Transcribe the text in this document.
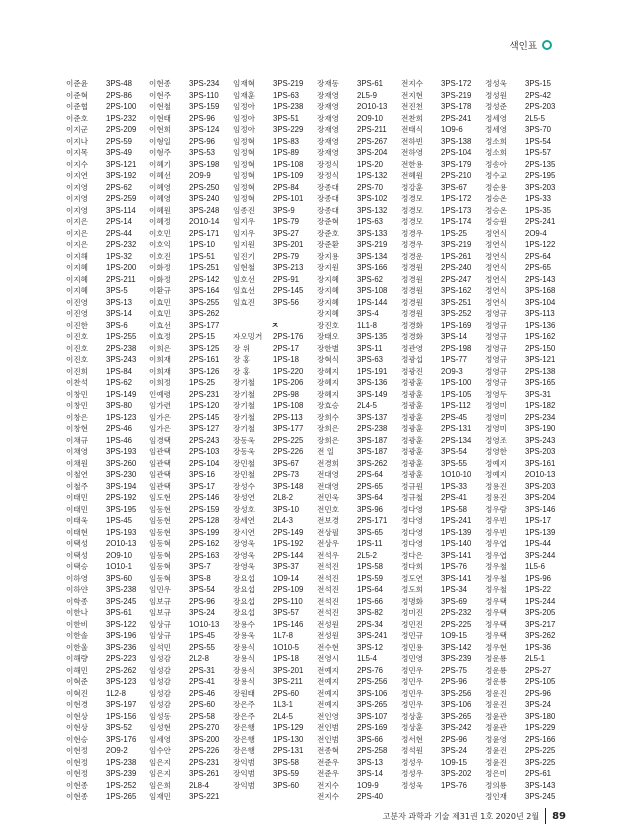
색인표
이준윤 3PS-48
이준혁 2PS-86
이준협 2PS-100
이준호 1PS-232
이지군 2PS-209
이지나 2PS-59
이지목 3PS-49
이지수 3PS-121
이지연 3PS-192
이지영 2PS-62
이지영 2PS-259
이지영 3PS-114
이지은 2PS-14
이지은 2PS-44
이지은 2PS-232
이지해 1PS-32
이지혜 1PS-200
이지혜 2PS-211
이지혜 3PS-5
이진영 3PS-13
이진영 3PS-14
이진한 3PS-6
이진호 1PS-255
이진호 2PS-238
이진호 3PS-243
이진희 1PS-84
이찬석 1PS-62
이창민 1PS-149
이창민 3PS-80
이창은 1PS-123
이창현 2PS-46
이채규 1PS-46
이채영 3PS-193
이채원 3PS-260
이철연 3PS-230
이철주 3PS-194
이태민 2PS-192
이태민 3PS-195
이태욱 1PS-45
이태현 1PS-193
이택성 2O10-13
이택성 2O9-10
이택승 1O10-1
이하영 3PS-60
이하얀 3PS-238
이학종 3PS-245
이한나 3PS-61
이한비 3PS-122
이한솔 3PS-196
이한울 3PS-236
이해량 2PS-223
이해민 2PS-262
이혁준 3PS-123
이혁진 1L2-8
이현경 3PS-197
이현상 1PS-156
이현상 3PS-52
이현승 3PS-176
이현정 2O9-2
이현정 1PS-238
이현정 3PS-239
이현종 1PS-252
이현종 1PS-265
이현종 3PS-234
이현주 3PS-110
이현철 3PS-159
이현태 2PS-96
이현희 3PS-124
이형일 2PS-96
이형주 3PS-53
이혜기 3PS-198
이혜선 2O9-9
이혜영 2PS-250
이혜영 3PS-240
이혜원 3PS-248
이혜정 2O10-14
이호민 2PS-171
이호익 1PS-10
이호진 1PS-51
이화정 1PS-251
이화정 2PS-142
이환규 3PS-164
이효민 3PS-255
이효민 3PS-262
이효선 3PS-177
이효정 2PS-15
이희은 3PS-125
이희재 2PS-161
이희재 3PS-126
이희정 1PS-25
인예령 2PS-231
임가련 1PS-120
임가은 2PS-145
임가은 3PS-127
임경택 2PS-243
임관택 2PS-103
임관택 2PS-104
임관택 3PS-16
임관택 3PS-17
임도현 2PS-146
임동현 2PS-159
임동현 2PS-128
임동현 3PS-199
임동혁 2PS-162
임동혁 2PS-163
임동혁 3PS-7
임동혁 3PS-8
임민우 3PS-54
임보규 2PS-96
임보규 3PS-24
임상규 1O10-13
임상규 1PS-45
임석민 2PS-55
임성감 2L2-8
임성감 2PS-31
임성감 2PS-41
임성감 2PS-46
임성감 2PS-60
임성동 2PS-58
임성현 2PS-270
임세영 3PS-200
임수안 2PS-226
임은지 2PS-231
임은지 3PS-261
임은희 2L8-4
임재민 3PS-221
임재혁 3PS-219
임재훈 1PS-63
임정아 1PS-238
임정아 3PS-51
임정아 3PS-229
임정혁 1PS-83
임정혁 1PS-89
임정혁 1PS-108
임정혁 1PS-109
임정혁 2PS-84
임정혁 2PS-101
임종진 3PS-9
임지우 1PS-79
임지우 3PS-27
임지원 3PS-201
임진기 2PS-79
임현철 3PS-213
임호선 2PS-91
임효선 2PS-145
임효진 3PS-56
ㅈ
자오밍거 2PS-176
장 위	2PS-17
장 홍	1PS-18
장 홍	1PS-220
장기철 1PS-206
장기철 2PS-98
장기철 1PS-108
장기철 2PS-113
장기철 3PS-177
장동욱 2PS-225
장동욱 2PS-226
장민철 3PS-67
장민철 2PS-73
장성수 3PS-148
장성연 2L8-2
장성호 3PS-10
장세연 2L4-3
장시연 2PS-149
장영욱 1PS-192
장영욱 2PS-144
장영욱 3PS-37
장요섭 1O9-14
장요섭 2PS-109
장요섭 2PS-110
장요섭 3PS-57
장용수 1PS-146
장용욱 1L7-8
장용식 1O10-5
장용식 1PS-18
장용식 3PS-201
장용식 3PS-211
장원태 2PS-60
장은주 1L3-1
장은주 2L4-5
장은행 1PS-129
장은행 1PS-130
장은행 2PS-131
장익범 3PS-58
장익범 3PS-59
장익범 3PS-60
장재동 3PS-61
장재영 2L5-9
장재영 2O10-13
장재영 2O9-10
장재영 2PS-211
장재영 2PS-267
장재영 3PS-204
장정식 1PS-20
장정식 1PS-132
장종대 2PS-70
장종대 3PS-102
장종대 3PS-132
장준혁 1PS-63
장준호 3PS-133
장준환 3PS-219
장지용 3PS-134
장지원 3PS-166
장지혜 3PS-62
장지혜 3PS-108
장지혜 1PS-144
장지혜 3PS-4
장진호 1L1-8
장태오 3PS-135
장한별 3PS-11
장혁식 3PS-63
장혜지 1PS-191
장혜지 3PS-136
장혜지 3PS-149
장효승 2L4-5
장희수 3PS-137
장희은 2PS-238
장희은 3PS-187
전 일	3PS-187
전경희 3PS-262
전대영 2PS-64
전대영 2PS-65
전민욱 3PS-64
전민호 3PS-96
전보경 2PS-171
전상필 3PS-65
전상우 1PS-11
전석우 2L5-2
전석진 1PS-58
전석진 1PS-59
전석진 1PS-64
전석진 1PS-66
전석진 3PS-82
전성원 2PS-34
전성원 3PS-241
전수현 3PS-12
전영시 1L5-4
전예지 2PS-76
전예지 2PS-256
전예지 3PS-106
전예지 3PS-265
전인영 3PS-107
전인범 2PS-169
전인범 3PS-66
전종혁 2PS-258
전준우 3PS-13
전준우 3PS-14
전지수 1O9-9
전지수 2PS-40
전지수 3PS-172
전지현 3PS-219
전진천 3PS-178
전찬희 2PS-241
전태식 1O9-6
전하빈 3PS-138
전하영 2PS-104
전한용 3PS-179
전혜원 2PS-210
정강훈 3PS-67
정경모 1PS-172
정경모 1PS-173
정경모 1PS-174
정경우 1PS-25
정경우 3PS-219
정경운 1PS-261
정경원 2PS-240
정경원 2PS-247
정경원 3PS-162
정경원 3PS-251
정경원 3PS-252
정경화 1PS-169
정경화 3PS-14
정관영 2PS-198
정광섭 1PS-77
정광진 2O9-3
정광훈 1PS-100
정광훈 1PS-105
정광훈 1PS-112
정광훈 2PS-45
정광훈 2PS-131
정광훈 2PS-134
정광훈 3PS-54
정광훈 3PS-55
정광훈 1O10-10
정규원 1PS-33
정규철 2PS-41
정다영 1PS-58
정다영 1PS-241
정다영 1PS-139
정다영 1PS-140
정다은 3PS-141
정다희 1PS-76
정도연 3PS-141
정도희 1PS-34
정명화 3PS-69
정미진 2PS-232
정민진 2PS-225
정민규 1O9-15
정민용 3PS-142
정민영 3PS-239
정민우 2PS-75
정민우 2PS-96
정민우 3PS-256
정민우 3PS-106
정상훈 3PS-265
정상훈 3PS-242
정서현 2PS-96
정석원 3PS-24
정성우 1O9-15
정성우 3PS-202
정성욱 1PS-76
정성욱 3PS-15
정성원 2PS-42
정성준 2PS-203
정세영 2L5-5
정세영 3PS-70
정소희 1PS-54
정소희 1PS-57
정송아 2PS-135
정수교 2PS-195
정순용 3PS-203
정승온 1PS-33
정승온 1PS-35
정승원 2PS-241
정연식 2O9-4
정연식 1PS-122
정연식 2PS-64
정연식 2PS-65
정연식 2PS-143
정연식 3PS-168
정연식 3PS-104
정영규 3PS-113
정영규 1PS-136
정영규 1PS-162
정영규 2PS-150
정영규 3PS-121
정영규 2PS-138
정영규 3PS-165
정영두 3PS-31
정영미 1PS-182
정영미 2PS-234
정영미 3PS-190
정영조 3PS-243
정영한 3PS-203
정예지 3PS-161
정예지 2O10-13
정용진 3PS-203
정용진 3PS-204
정우람 3PS-146
정우빈 1PS-17
정우빈 1PS-139
정우엽 1PS-44
정우엽 3PS-244
정우철 1L5-6
정우철 1PS-96
정우철 1PS-22
정우택 1PS-244
정우택 3PS-205
정우택 3PS-217
정우택 3PS-262
정우현 1PS-36
정운룡 2L5-1
정운룡 2PS-27
정운룡 2PS-105
정운진 2PS-96
정운진 3PS-24
정윤관 3PS-180
정윤관 1PS-229
정윤영 2PS-166
정윤진 2PS-225
정윤진 3PS-225
정은미 2PS-61
정의룡 3PS-143
정인재 3PS-245
고분자 과학과 기술 제31권 1호 2020년 2월 89
